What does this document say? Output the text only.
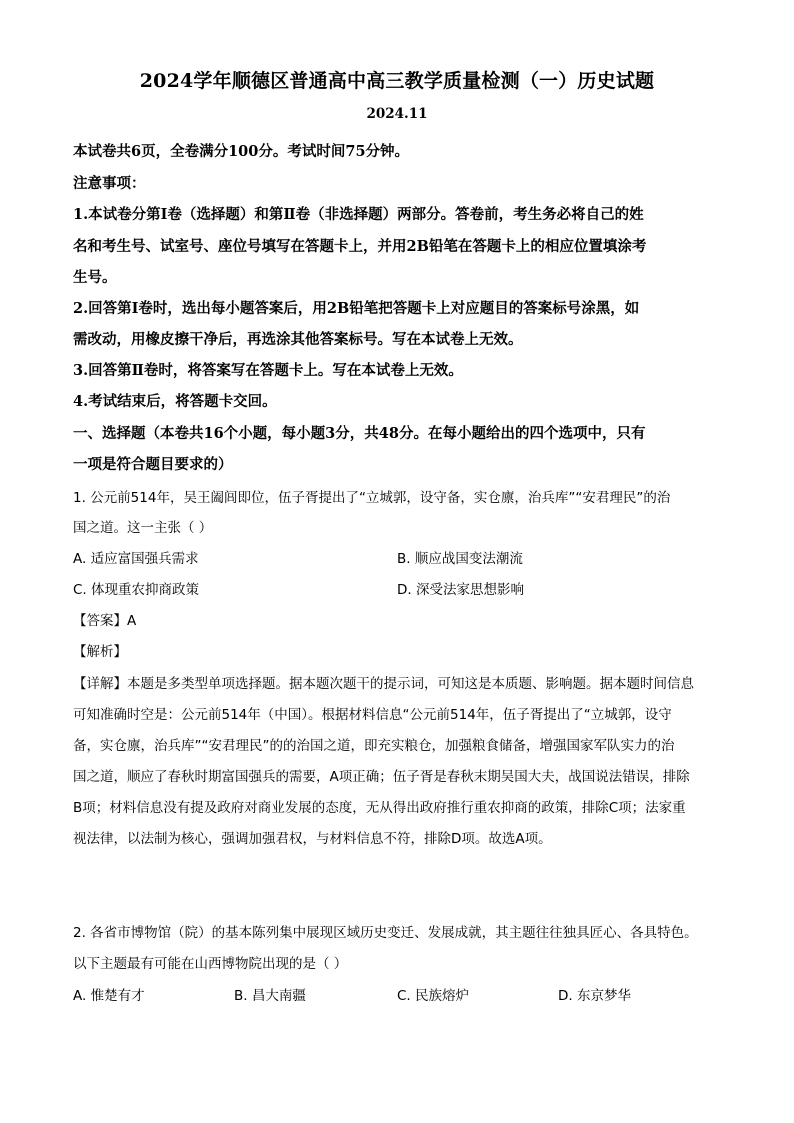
2024学年顺德区普通高中高三教学质量检测（一）历史试题
2024.11
本试卷共6页，全卷满分100分。考试时间75分钟。
注意事项：
1.本试卷分第Ⅰ卷（选择题）和第Ⅱ卷（非选择题）两部分。答卷前，考生务必将自己的姓
名和考生号、试室号、座位号填写在答题卡上，并用2B铅笔在答题卡上的相应位置填涂考
生号。
2.回答第Ⅰ卷时，选出每小题答案后，用2B铅笔把答题卡上对应题目的答案标号涂黑，如
需改动，用橡皮擦干净后，再选涂其他答案标号。写在本试卷上无效。
3.回答第Ⅱ卷时，将答案写在答题卡上。写在本试卷上无效。
4.考试结束后，将答题卡交回。
一、选择题（本卷共16个小题，每小题3分，共48分。在每小题给出的四个选项中，只有
一项是符合题目要求的）
1. 公元前514年，吴王阖闾即位，伍子胥提出了“立城郭，设守备，实仓廪，治兵库”“安君理民”的治
国之道。这一主张（ ）
A. 适应富国强兵需求	B. 顺应战国变法潮流
C. 体现重农抑商政策	D. 深受法家思想影响
【答案】A
【解析】
【详解】本题是多类型单项选择题。据本题次题干的提示词，可知这是本质题、影响题。据本题时间信息
可知准确时空是：公元前514年（中国）。根据材料信息“公元前514年，伍子胥提出了“立城郭，设守
备，实仓廪，治兵库”“安君理民”的的治国之道，即充实粮仓，加强粮食储备，增强国家军队实力的治
国之道，顺应了春秋时期富国强兵的需要，A项正确；伍子胥是春秋末期吴国大夫，战国说法错误，排除
B项；材料信息没有提及政府对商业发展的态度，无从得出政府推行重农抑商的政策，排除C项；法家重
视法律，以法制为核心，强调加强君权，与材料信息不符，排除D项。故选A项。
2. 各省市博物馆（院）的基本陈列集中展现区域历史变迁、发展成就，其主题往往独具匠心、各具特色。
以下主题最有可能在山西博物院出现的是（ ）
A. 惟楚有才	B. 昌大南疆	C. 民族熔炉	D. 东京梦华
